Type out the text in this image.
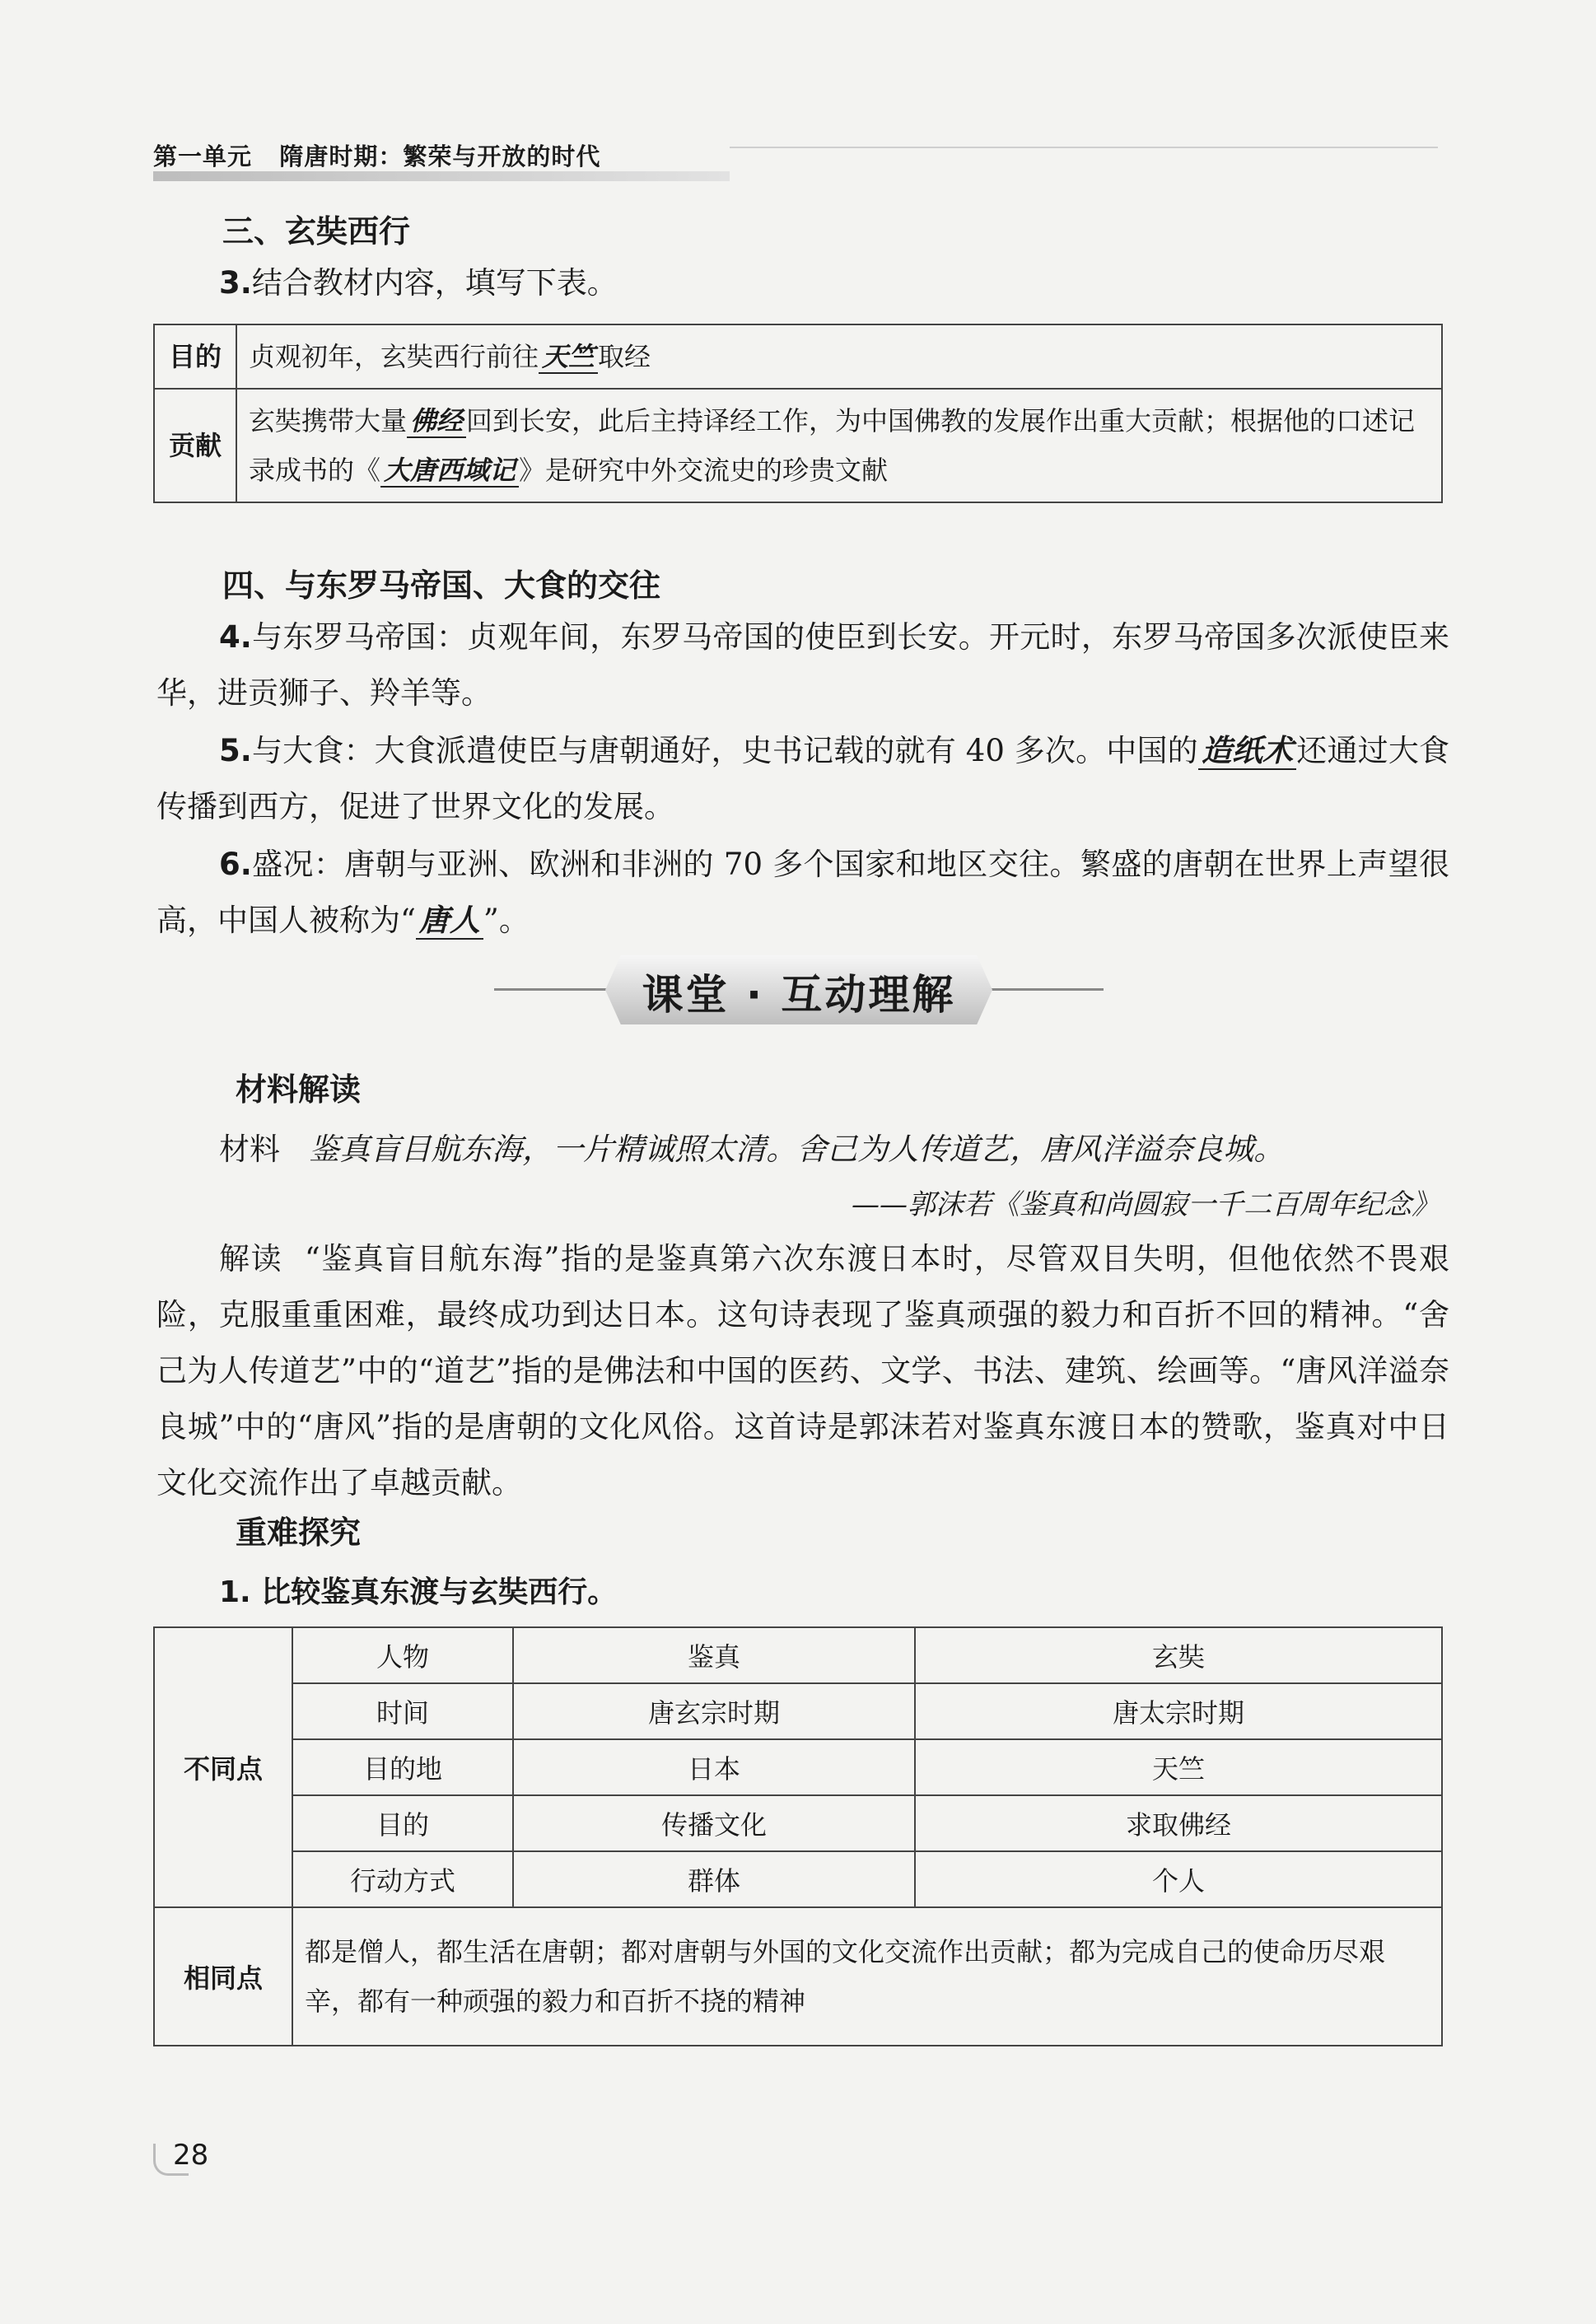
第一单元 隋唐时期：繁荣与开放的时代
三、玄奘西行
3.结合教材内容，填写下表。
目的	贞观初年，玄奘西行前往 天竺 取经
贡献	玄奘携带大量 佛经 回到长安，此后主持译经工作，为中国佛教的发展作出重大贡献；根据他的口述记录成书的《 大唐西域记 》是研究中外交流史的珍贵文献
四、与东罗马帝国、大食的交往
4.与东罗马帝国：贞观年间，东罗马帝国的使臣到长安。开元时，东罗马帝国多次派使臣来华，进贡狮子、羚羊等。
5.与大食：大食派遣使臣与唐朝通好，史书记载的就有 40 多次。中国的 造纸术 还通过大食传播到西方，促进了世界文化的发展。
6.盛况：唐朝与亚洲、欧洲和非洲的 70 多个国家和地区交往。繁盛的唐朝在世界上声望很高，中国人被称为“ 唐人 ”。
课堂 · 互动理解
材料解读
材料 鉴真盲目航东海，一片精诚照太清。舍己为人传道艺，唐风洋溢奈良城。
——郭沫若《鉴真和尚圆寂一千二百周年纪念》
解读 “鉴真盲目航东海”指的是鉴真第六次东渡日本时，尽管双目失明，但他依然不畏艰险，克服重重困难，最终成功到达日本。这句诗表现了鉴真顽强的毅力和百折不回的精神。“舍己为人传道艺”中的“道艺”指的是佛法和中国的医药、文学、书法、建筑、绘画等。“唐风洋溢奈良城”中的“唐风”指的是唐朝的文化风俗。这首诗是郭沫若对鉴真东渡日本的赞歌，鉴真对中日文化交流作出了卓越贡献。
重难探究
1. 比较鉴真东渡与玄奘西行。
不同点	人物	鉴真	玄奘
	时间	唐玄宗时期	唐太宗时期
	目的地	日本	天竺
	目的	传播文化	求取佛经
	行动方式	群体	个人
相同点	都是僧人，都生活在唐朝；都对唐朝与外国的文化交流作出贡献；都为完成自己的使命历尽艰辛，都有一种顽强的毅力和百折不挠的精神		
28
